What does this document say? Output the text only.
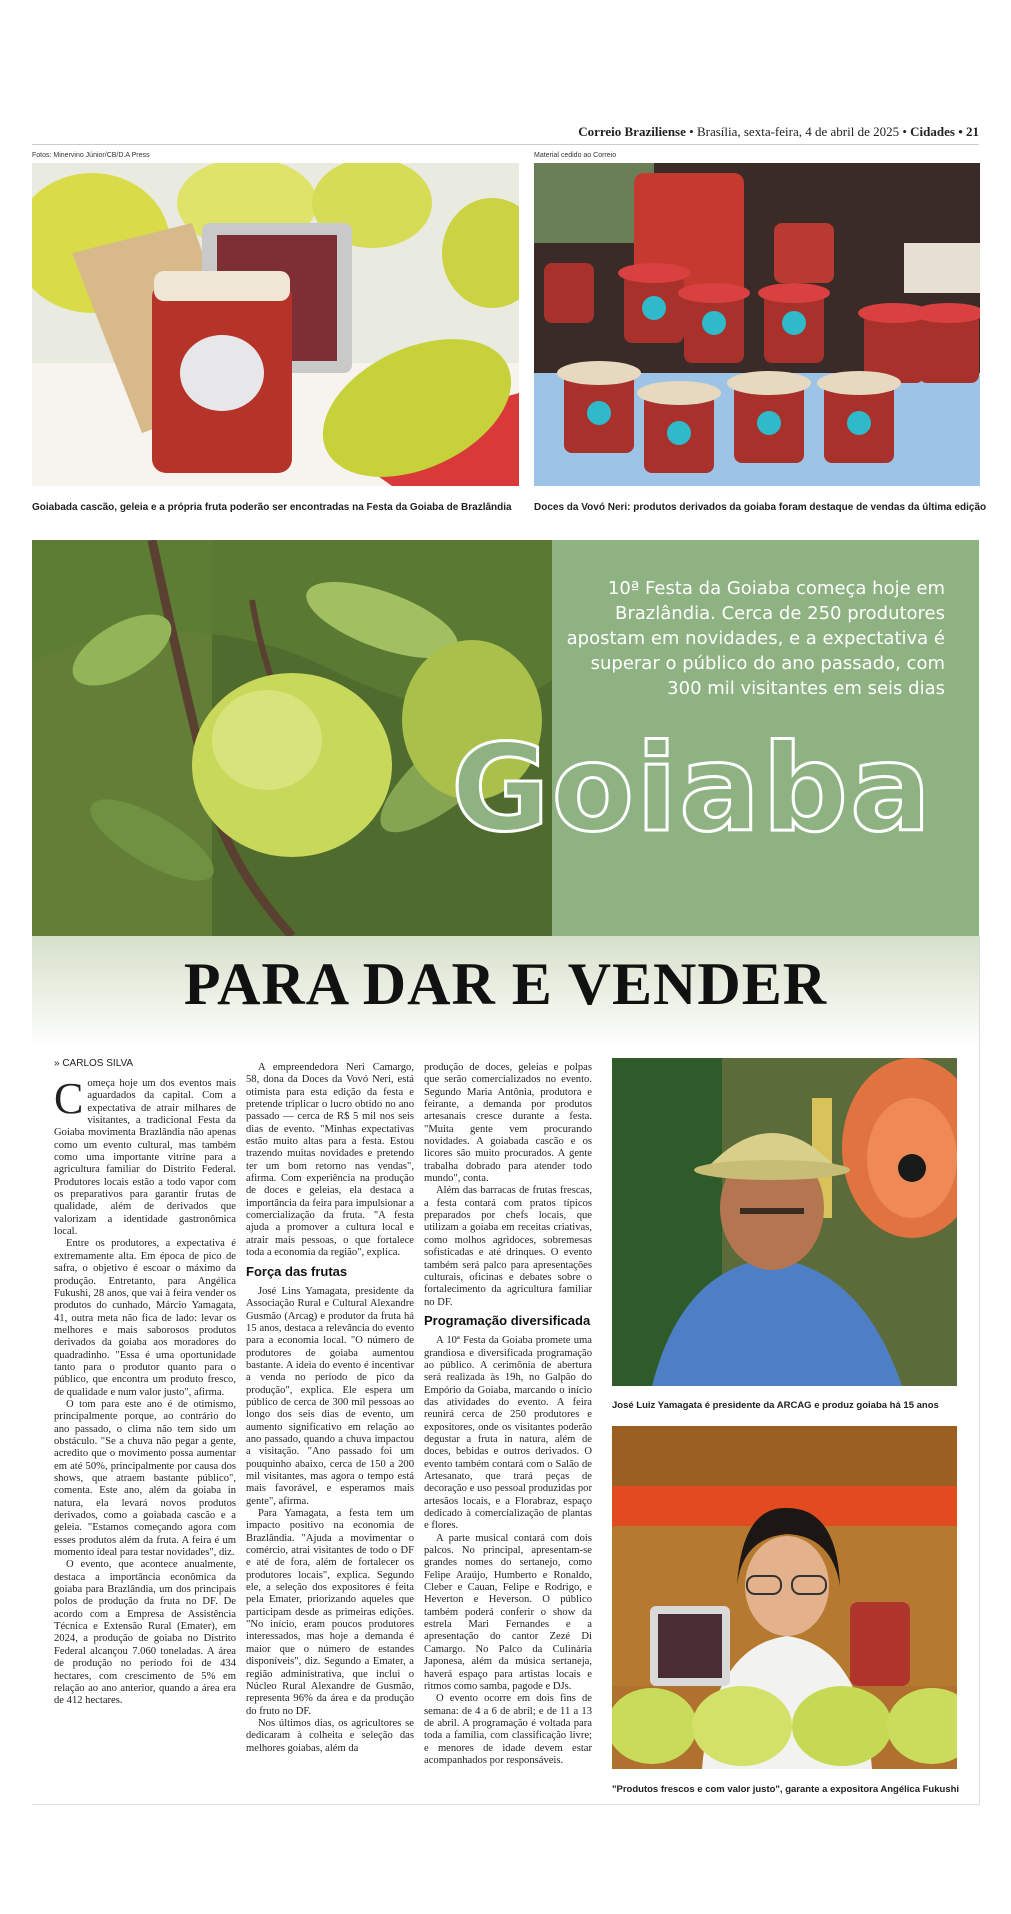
Correio Braziliense • Brasília, sexta-feira, 4 de abril de 2025 • Cidades • 21
Fotos: Minervino Júnior/CB/D.A Press
Goiabada cascão, geleia e a própria fruta poderão ser encontradas na Festa da Goiaba de Brazlândia
Material cedido ao Correio
Doces da Vovó Neri: produtos derivados da goiaba foram destaque de vendas da última edição
10ª Festa da Goiaba começa hoje em Brazlândia. Cerca de 250 produtores apostam em novidades, e a expectativa é superar o público do ano passado, com 300 mil visitantes em seis dias
Goiaba
PARA DAR E VENDER
» CARLOS SILVA

Começa hoje um dos eventos mais aguardados da capital. Com a expectativa de atrair milhares de visitantes, a tradicional Festa da Goiaba movimenta Brazlândia não apenas como um evento cultural, mas também como uma importante vitrine para a agricultura familiar do Distrito Federal. Produtores locais estão a todo vapor com os preparativos para garantir frutas de qualidade, além de derivados que valorizam a identidade gastronômica local.

Entre os produtores, a expectativa é extremamente alta. Em época de pico de safra, o objetivo é escoar o máximo da produção. Entretanto, para Angélica Fukushi, 28 anos, que vai à feira vender os produtos do cunhado, Márcio Yamagata, 41, outra meta não fica de lado: levar os melhores e mais saborosos produtos derivados da goiaba aos moradores do quadradinho. "Essa é uma oportunidade tanto para o produtor quanto para o público, que encontra um produto fresco, de qualidade e num valor justo", afirma.

O tom para este ano é de otimismo, principalmente porque, ao contrário do ano passado, o clima não tem sido um obstáculo. "Se a chuva não pegar a gente, acredito que o movimento possa aumentar em até 50%, principalmente por causa dos shows, que atraem bastante público", comenta. Este ano, além da goiaba in natura, ela levará novos produtos derivados, como a goiabada cascão e a geleia. "Estamos começando agora com esses produtos além da fruta. A feira é um momento ideal para testar novidades", diz.

O evento, que acontece anualmente, destaca a importância econômica da goiaba para Brazlândia, um dos principais polos de produção da fruta no DF. De acordo com a Empresa de Assistência Técnica e Extensão Rural (Emater), em 2024, a produção de goiaba no Distrito Federal alcançou 7.060 toneladas. A área de produção no período foi de 434 hectares, com crescimento de 5% em relação ao ano anterior, quando a área era de 412 hectares.

A empreendedora Neri Camargo, 58, dona da Doces da Vovó Neri, está otimista para esta edição da festa e pretende triplicar o lucro obtido no ano passado — cerca de R$ 5 mil nos seis dias de evento. "Minhas expectativas estão muito altas para a festa. Estou trazendo muitas novidades e pretendo ter um bom retorno nas vendas", afirma. Com experiência na produção de doces e geleias, ela destaca a importância da feira para impulsionar a comercialização da fruta. "A festa ajuda a promover a cultura local e atrair mais pessoas, o que fortalece toda a economia da região", explica.

Força das frutas

José Lins Yamagata, presidente da Associação Rural e Cultural Alexandre Gusmão (Arcag) e produtor da fruta há 15 anos, destaca a relevância do evento para a economia local. "O número de produtores de goiaba aumentou bastante. A ideia do evento é incentivar a venda no período de pico da produção", explica. Ele espera um público de cerca de 300 mil pessoas ao longo dos seis dias de evento, um aumento significativo em relação ao ano passado, quando a chuva impactou a visitação. "Ano passado foi um pouquinho abaixo, cerca de 150 a 200 mil visitantes, mas agora o tempo está mais favorável, e esperamos mais gente", afirma.

Para Yamagata, a festa tem um impacto positivo na economia de Brazlândia. "Ajuda a movimentar o comércio, atrai visitantes de todo o DF e até de fora, além de fortalecer os produtores locais", explica. Segundo ele, a seleção dos expositores é feita pela Emater, priorizando aqueles que participam desde as primeiras edições. "No início, eram poucos produtores interessados, mas hoje a demanda é maior que o número de estandes disponíveis", diz. Segundo a Emater, a região administrativa, que inclui o Núcleo Rural Alexandre de Gusmão, representa 96% da área e da produção do fruto no DF.

Nos últimos dias, os agricultores se dedicaram à colheita e seleção das melhores goiabas, além da

produção de doces, geleias e polpas que serão comercializados no evento. Segundo Maria Antônia, produtora e feirante, a demanda por produtos artesanais cresce durante a festa. "Muita gente vem procurando novidades. A goiabada cascão e os licores são muito procurados. A gente trabalha dobrado para atender todo mundo", conta.

Além das barracas de frutas frescas, a festa contará com pratos típicos preparados por chefs locais, que utilizam a goiaba em receitas criativas, como molhos agridoces, sobremesas sofisticadas e até drinques. O evento também será palco para apresentações culturais, oficinas e debates sobre o fortalecimento da agricultura familiar no DF.

Programação diversificada

A 10ª Festa da Goiaba promete uma grandiosa e diversificada programação ao público. A cerimônia de abertura será realizada às 19h, no Galpão do Empório da Goiaba, marcando o início das atividades do evento. A feira reunirá cerca de 250 produtores e expositores, onde os visitantes poderão degustar a fruta in natura, além de doces, bebidas e outros derivados. O evento também contará com o Salão de Artesanato, que trará peças de decoração e uso pessoal produzidas por artesãos locais, e a Florabraz, espaço dedicado à comercialização de plantas e flores.

A parte musical contará com dois palcos. No principal, apresentam-se grandes nomes do sertanejo, como Felipe Araújo, Humberto e Ronaldo, Cleber e Cauan, Felipe e Rodrigo, e Heverton e Heverson. O público também poderá conferir o show da estrela Mari Fernandes e a apresentação do cantor Zezé Di Camargo. No Palco da Culinária Japonesa, além da música sertaneja, haverá espaço para artistas locais e ritmos como samba, pagode e DJs.

O evento ocorre em dois fins de semana: de 4 a 6 de abril; e de 11 a 13 de abril. A programação é voltada para toda a família, com classificação livre; e menores de idade devem estar acompanhados por responsáveis.

José Luiz Yamagata é presidente da ARCAG e produz goiaba há 15 anos
"Produtos frescos e com valor justo", garante a expositora Angélica Fukushi
